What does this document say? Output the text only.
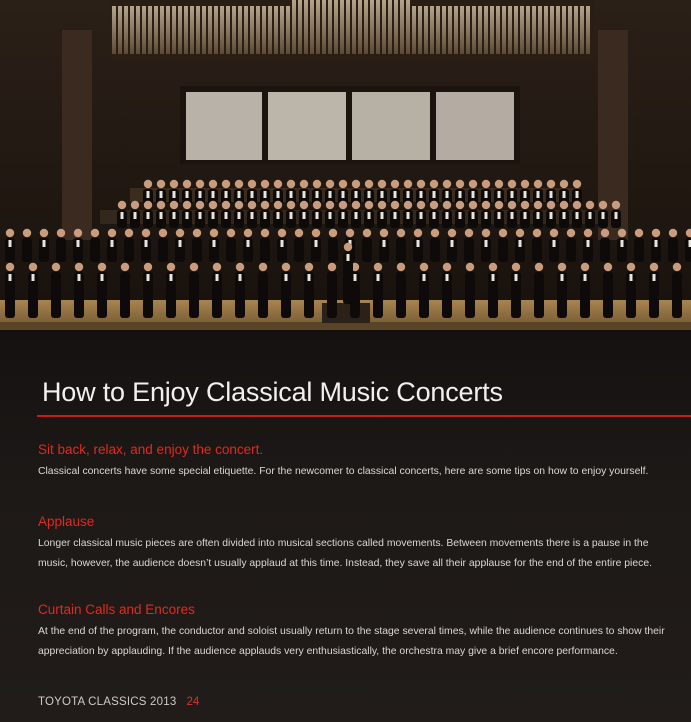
How to Enjoy Classical Music Concerts
Sit back, relax, and enjoy the concert.

Classical concerts have some special etiquette. For the newcomer to classical concerts, here are some tips on how to enjoy yourself.

Applause

Longer classical music pieces are often divided into musical sections called movements. Between movements there is a pause in the music, however, the audience doesn’t usually applaud at this time. Instead, they save all their applause for the end of the entire piece.

Curtain Calls and Encores

At the end of the program, the conductor and soloist usually return to the stage several times, while the audience continues to show their appreciation by applauding. If the audience applauds very enthusiastically, the orchestra may give a brief encore performance.

TOYOTA CLASSICS 2013 24
